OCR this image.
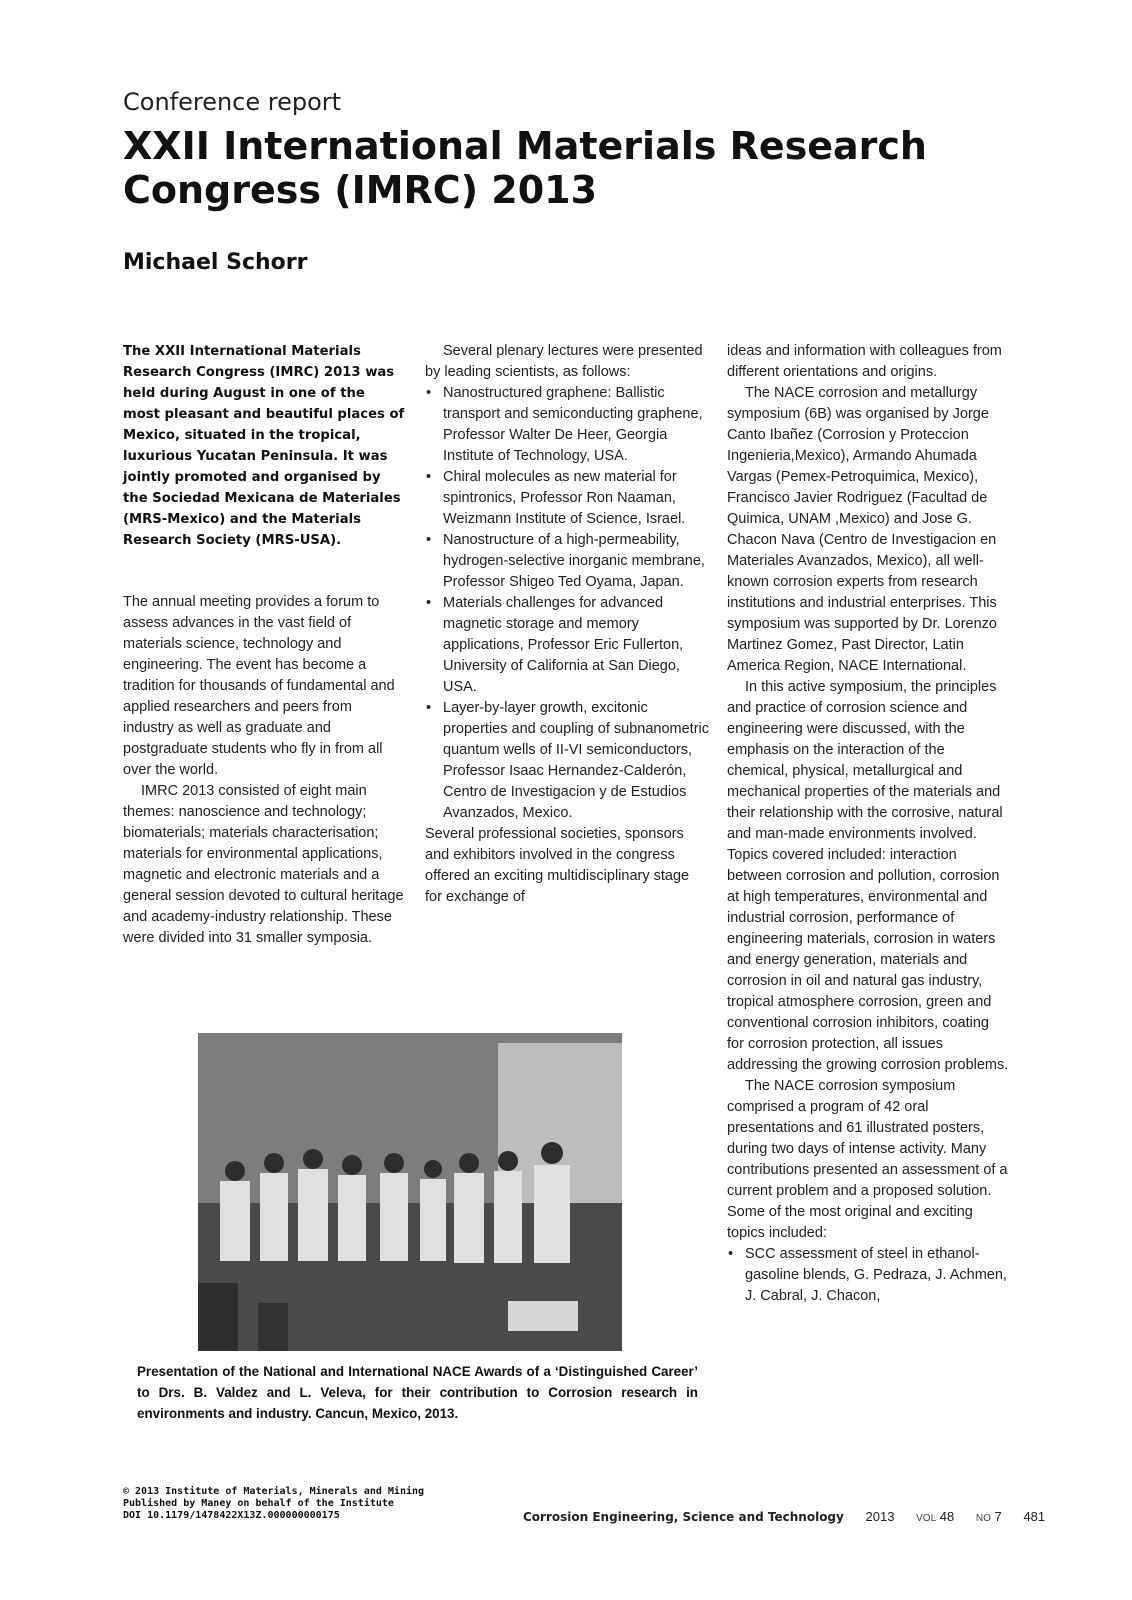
Conference report
XXII International Materials Research Congress (IMRC) 2013
Michael Schorr
The XXII International Materials Research Congress (IMRC) 2013 was held during August in one of the most pleasant and beautiful places of Mexico, situated in the tropical, luxurious Yucatan Peninsula. It was jointly promoted and organised by the Sociedad Mexicana de Materiales (MRS-Mexico) and the Materials Research Society (MRS-USA).

The annual meeting provides a forum to assess advances in the vast field of materials science, technology and engineering. The event has become a tradition for thousands of fundamental and applied researchers and peers from industry as well as graduate and postgraduate students who fly in from all over the world.

IMRC 2013 consisted of eight main themes: nanoscience and technology; biomaterials; materials characterisation; materials for environmental applications, magnetic and electronic materials and a general session devoted to cultural heritage and academy-industry relationship. These were divided into 31 smaller symposia.

Several plenary lectures were presented by leading scientists, as follows:

• Nanostructured graphene: Ballistic transport and semiconducting graphene, Professor Walter De Heer, Georgia Institute of Technology, USA.
• Chiral molecules as new material for spintronics, Professor Ron Naaman, Weizmann Institute of Science, Israel.
• Nanostructure of a high-permeability, hydrogen-selective inorganic membrane, Professor Shigeo Ted Oyama, Japan.
• Materials challenges for advanced magnetic storage and memory applications, Professor Eric Fullerton, University of California at San Diego, USA.
• Layer-by-layer growth, excitonic properties and coupling of subnanometric quantum wells of II-VI semiconductors, Professor Isaac Hernandez-Calderón, Centro de Investigacion y de Estudios Avanzados, Mexico.

Several professional societies, sponsors and exhibitors involved in the congress offered an exciting multidisciplinary stage for exchange of

ideas and information with colleagues from different orientations and origins.

The NACE corrosion and metallurgy symposium (6B) was organised by Jorge Canto Ibañez (Corrosion y Proteccion Ingenieria,Mexico), Armando Ahumada Vargas (Pemex-Petroquimica, Mexico), Francisco Javier Rodriguez (Facultad de Quimica, UNAM ,Mexico) and Jose G. Chacon Nava (Centro de Investigacion en Materiales Avanzados, Mexico), all well-known corrosion experts from research institutions and industrial enterprises. This symposium was supported by Dr. Lorenzo Martinez Gomez, Past Director, Latin America Region, NACE International.

In this active symposium, the principles and practice of corrosion science and engineering were discussed, with the emphasis on the interaction of the chemical, physical, metallurgical and mechanical properties of the materials and their relationship with the corrosive, natural and man-made environments involved. Topics covered included: interaction between corrosion and pollution, corrosion at high temperatures, environmental and industrial corrosion, performance of engineering materials, corrosion in waters and energy generation, materials and corrosion in oil and natural gas industry, tropical atmosphere corrosion, green and conventional corrosion inhibitors, coating for corrosion protection, all issues addressing the growing corrosion problems.

The NACE corrosion symposium comprised a program of 42 oral presentations and 61 illustrated posters, during two days of intense activity. Many contributions presented an assessment of a current problem and a proposed solution. Some of the most original and exciting topics included:

• SCC assessment of steel in ethanol-gasoline blends, G. Pedraza, J. Achmen, J. Cabral, J. Chacon,
Presentation of the National and International NACE Awards of a ‘Distinguished Career’ to Drs. B. Valdez and L. Veleva, for their contribution to Corrosion research in environments and industry. Cancun, Mexico, 2013.
© 2013 Institute of Materials, Minerals and Mining
Published by Maney on behalf of the Institute
DOI 10.1179/1478422X13Z.000000000175	Corrosion Engineering, Science and Technology 2013 VOL 48 NO 7 481
